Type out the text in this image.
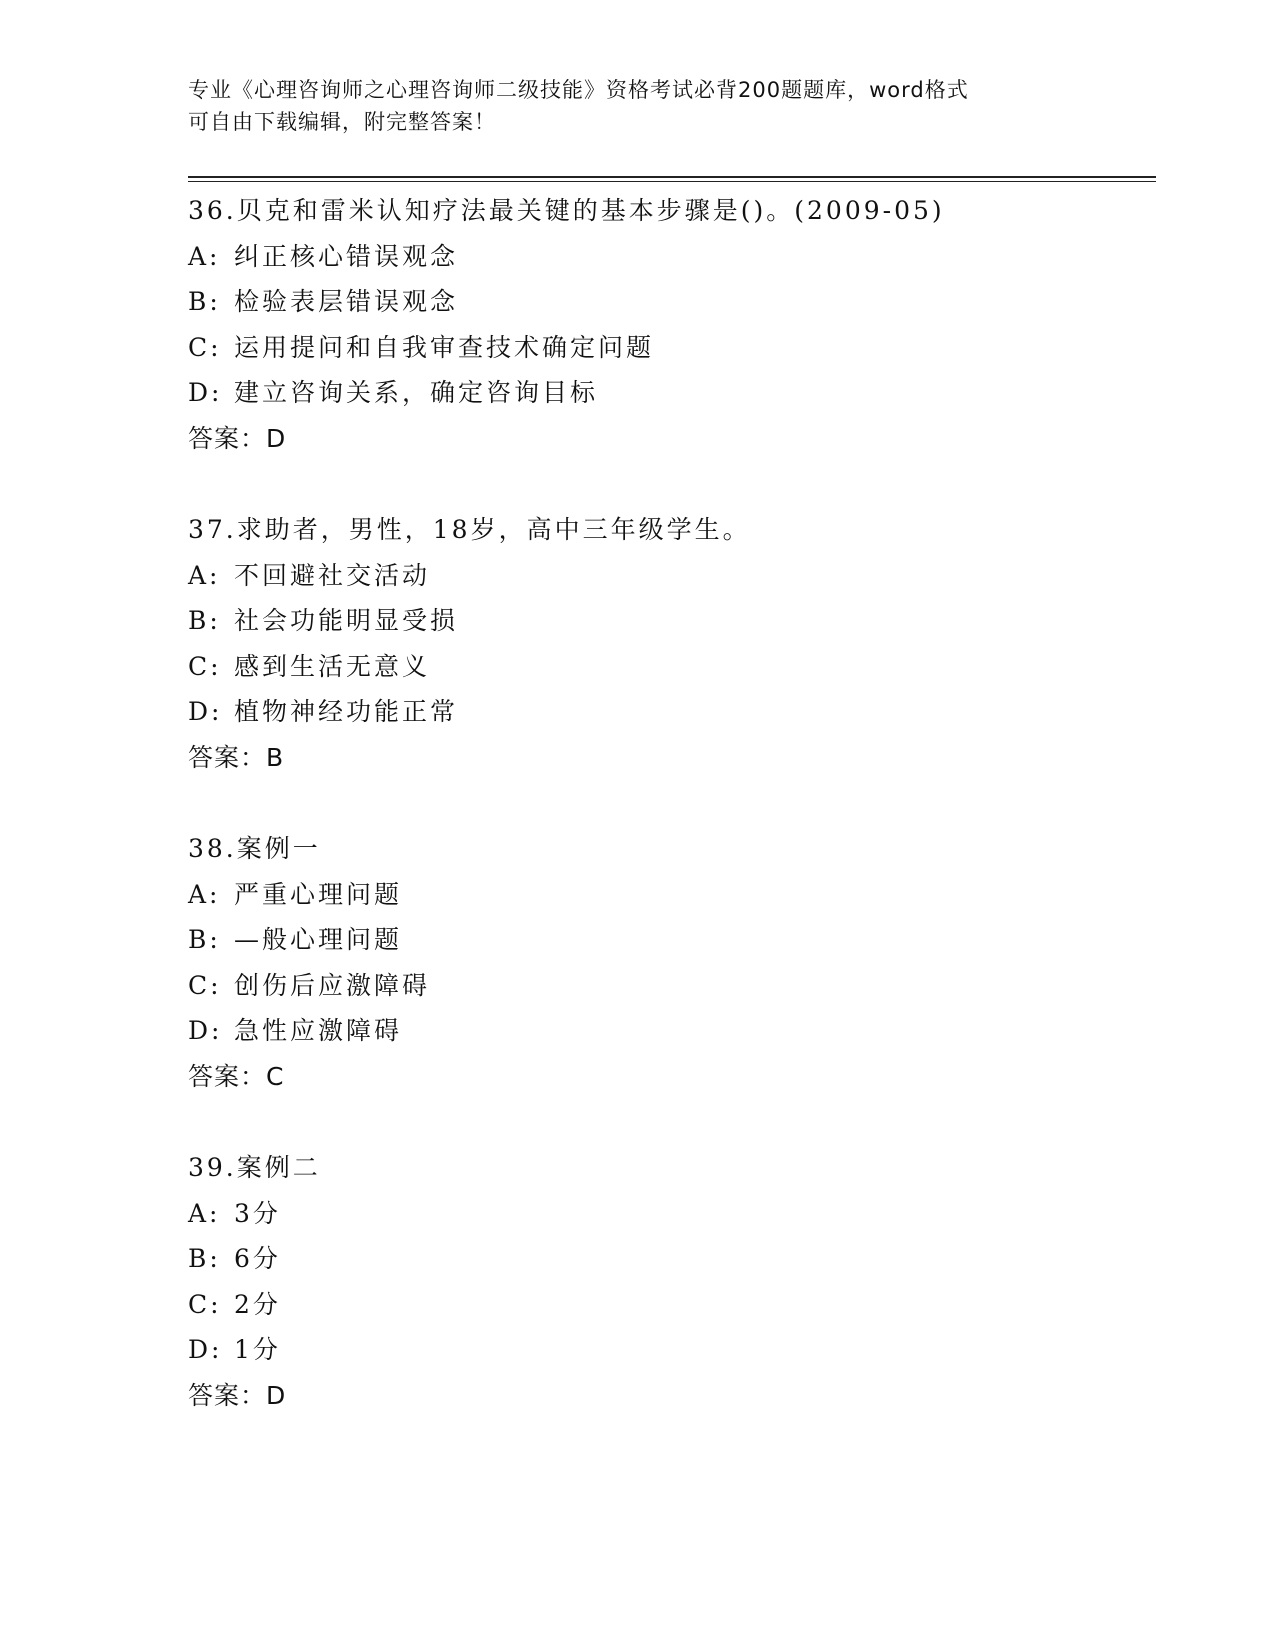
专业《心理咨询师之心理咨询师二级技能》资格考试必背200题题库，word格式

可自由下载编辑，附完整答案！

36.贝克和雷米认知疗法最关键的基本步骤是()。(2009-05)
A: 纠正核心错误观念
B: 检验表层错误观念
C: 运用提问和自我审查技术确定问题
D: 建立咨询关系，确定咨询目标
答案：D
37.求助者，男性，18岁，高中三年级学生。
A: 不回避社交活动
B: 社会功能明显受损
C: 感到生活无意义
D: 植物神经功能正常
答案：B
38.案例一
A: 严重心理问题
B: —般心理问题
C: 创伤后应激障碍
D: 急性应激障碍
答案：C
39.案例二
A: 3分
B: 6分
C: 2分
D: 1分
答案：D
